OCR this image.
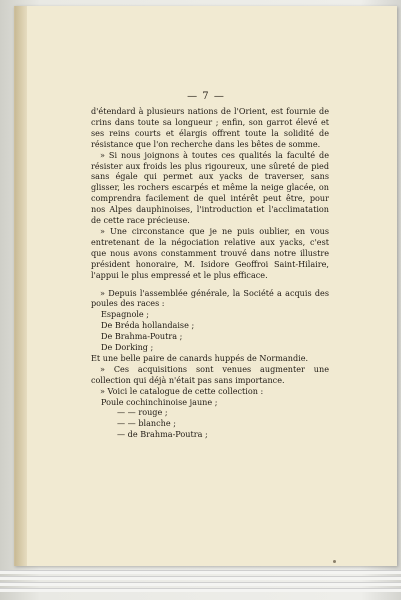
— 7 —

d'étendard à plusieurs nations de l'Orient, est fournie de crins dans toute sa longueur ; enfin, son garrot élevé et ses reins courts et élargis offrent toute la solidité de résistance que l'on recherche dans les bêtes de somme.

» Si nous joignons à toutes ces qualités la faculté de résister aux froids les plus rigoureux, une sûreté de pied sans égale qui permet aux yacks de traverser, sans glisser, les rochers escarpés et même la neige glacée, on comprendra facilement de quel intérêt peut être, pour nos Alpes dauphinoises, l'introduction et l'acclimatation de cette race précieuse.

» Une circonstance que je ne puis oublier, en vous entretenant de la négociation relative aux yacks, c'est que nous avons constamment trouvé dans notre illustre président honoraire, M. Isidore Geoffroi Saint-Hilaire, l'appui le plus empressé et le plus efficace.

» Depuis l'assemblée générale, la Société a acquis des poules des races :

Espagnole ;

De Bréda hollandaise ;

De Brahma-Poutra ;

De Dorking ;

Et une belle paire de canards huppés de Normandie.

» Ces acquisitions sont venues augmenter une collection qui déjà n'était pas sans importance.

» Voici le catalogue de cette collection :

Poule cochinchinoise jaune ;

— — rouge ;

— — blanche ;

— de Brahma-Poutra ;
